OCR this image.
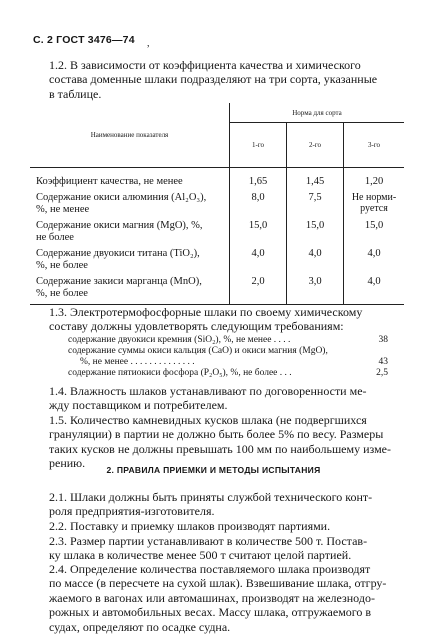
С. 2 ГОСТ 3476—74 ,
1.2. В зависимости от коэффициента качества и химического
состава доменные шлаки подразделяют на три сорта, указанные
в таблице.
Наименование показателя	Норма для сорта		
	1-го	2-го	3-го
Коэффициент качества, не менее	1,65	1,45	1,20
Содержание окиси алюминия (Al₂O₃),
%, не менее	8,0	7,5	Не норми-руется
Содержание окиси магния (MgO), %,
не более	15,0	15,0	15,0
Содержание двуокиси титана (TiO₂),
%, не более	4,0	4,0	4,0
Содержание закиси марганца (MnO),
%, не более	2,0	3,0	4,0

1.3. Электротермофосфорные шлаки по своему химическому
составу должны удовлетворять следующим требованиям:
содержание двуокиси кремния (SiO₂), %, не менее . . . .	38
содержание суммы окиси кальция (CaO) и окиси магния (MgO),
%, не менее . . . . . . . . . . . . . .	43
содержание пятиокиси фосфора (P₂O₅), %, не более . . .	2,5
1.4. Влажность шлаков устанавливают по договоренности ме-
жду поставщиком и потребителем.
1.5. Количество камневидных кусков шлака (не подвергшихся
грануляции) в партии не должно быть более 5% по весу. Размеры
таких кусков не должны превышать 100 мм по наибольшему изме-
рению.	2. ПРАВИЛА ПРИЕМКИ И МЕТОДЫ ИСПЫТАНИЯ
2.1. Шлаки должны быть приняты службой технического конт-
роля предприятия-изготовителя.
2.2. Поставку и приемку шлаков производят партиями.
2.3. Размер партии устанавливают в количестве 500 т. Постав-
ку шлака в количестве менее 500 т считают целой партией.
2.4. Определение количества поставляемого шлака производят
по массе (в пересчете на сухой шлак). Взвешивание шлака, отгру-
жаемого в вагонах или автомашинах, производят на железнодо-
рожных и автомобильных весах. Массу шлака, отгружаемого в
судах, определяют по осадке судна.
